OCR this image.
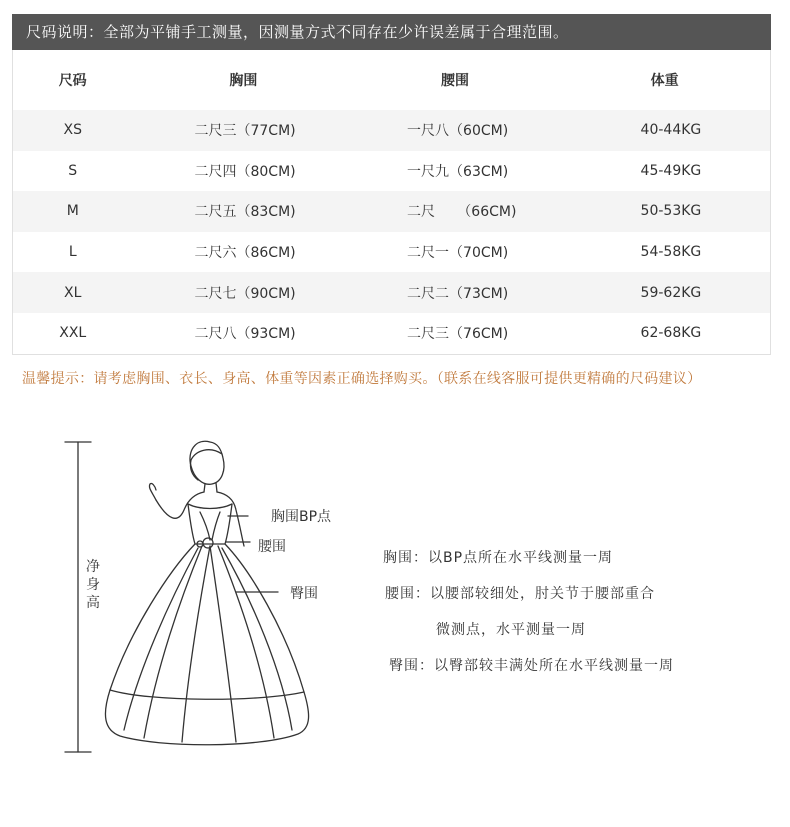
尺码说明：全部为平铺手工测量，因测量方式不同存在少许误差属于合理范围。
尺码	胸围	腰围	体重
XS	二尺三（77CM)	一尺八（60CM)	40-44KG
S	二尺四（80CM)	一尺九（63CM)	45-49KG
M	二尺五（83CM)	二尺     （66CM)	50-53KG
L	二尺六（86CM)	二尺一（70CM)	54-58KG
XL	二尺七（90CM)	二尺二（73CM)	59-62KG
XXL	二尺八（93CM)	二尺三（76CM)	62-68KG
温馨提示：请考虑胸围、衣长、身高、体重等因素正确选择购买。（联系在线客服可提供更精确的尺码建议）
净身高
胸围BP点
腰围
臀围
胸围：以BP点所在水平线测量一周
腰围：以腰部较细处，肘关节于腰部重合
微测点，水平测量一周
臀围：以臀部较丰满处所在水平线测量一周
